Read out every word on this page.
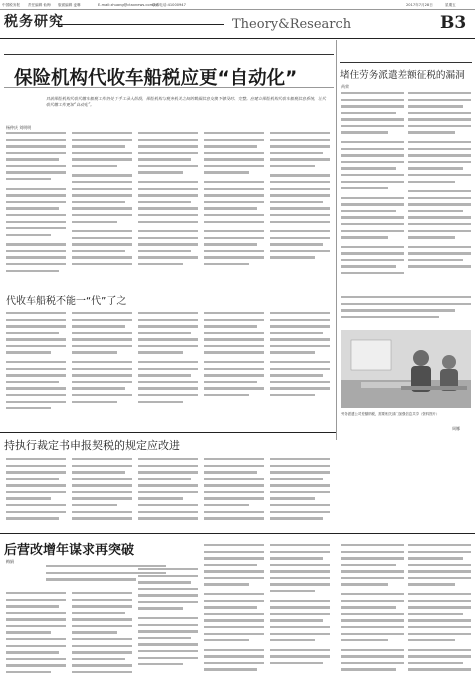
中国税务报 责任编辑 仙梅 版面编辑 麦琳	E-mail:zhuang@ctaxnews.com.cn
联系电话:41000947	2017年7月28日	星期五
税务研究	Theory&Research	B3
保险机构代收车船税应更“自动化”
目前保险机构代收代缴车船税工作仍处于手工录入阶段，保险机构与税务机关之间的数据信息交换不够及时、完整。应建立保险机构代收车船税信息系统，让代收代缴工作更加“自动化”。
杨仲庆 刘明明
代收车船税不能一“代”了之
堵住劳务派遣差额征税的漏洞
芮荣
劳务派遣公司差额纳税，需要相关部门加强信息共享（资料图片）
周娜
持执行裁定书申报契税的规定应改进
后营改增年谋求再突破
梅娟
